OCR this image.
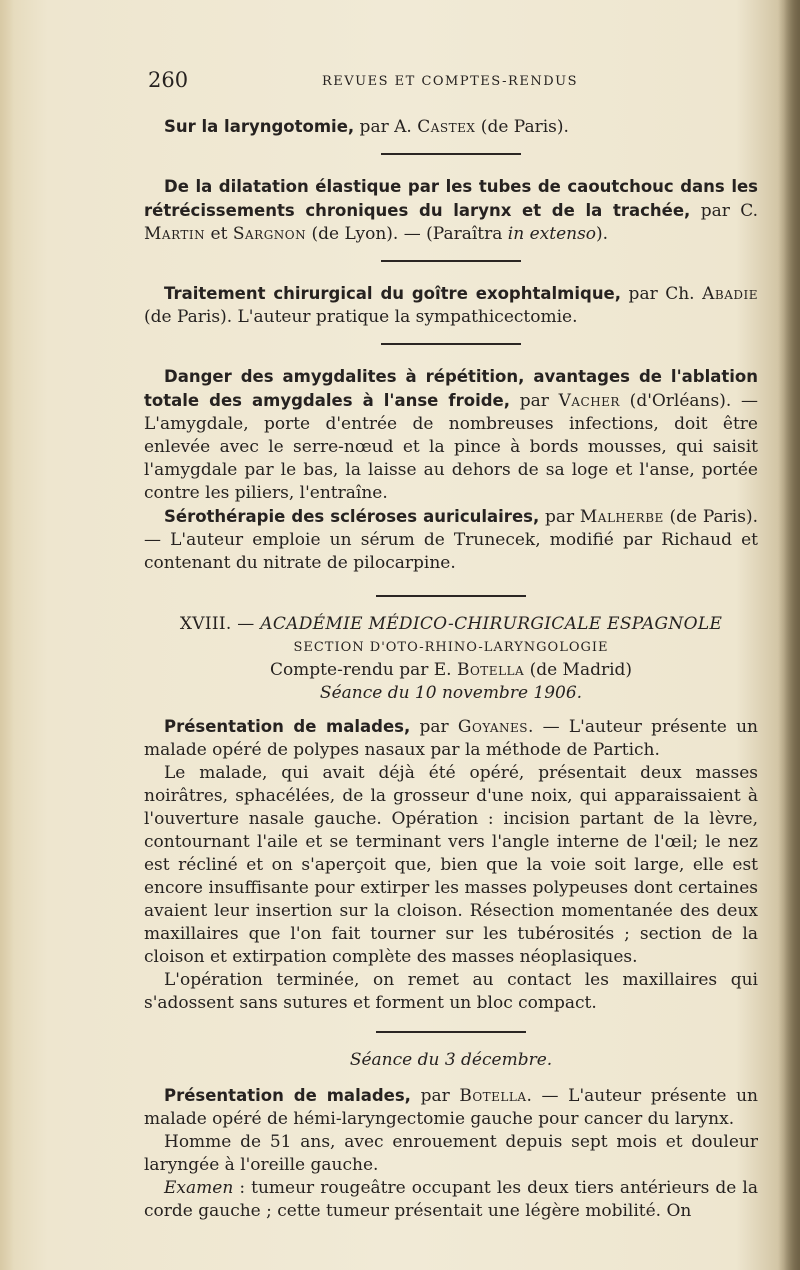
260	REVUES ET COMPTES-RENDUS

Sur la laryngotomie, par A. Castex (de Paris).

De la dilatation élastique par les tubes de caoutchouc dans les rétrécissements chroniques du larynx et de la trachée, par C. Martin et Sargnon (de Lyon). — (Paraîtra in extenso).

Traitement chirurgical du goître exophtalmique, par Ch. Abadie (de Paris). L'auteur pratique la sympathicectomie.

Danger des amygdalites à répétition, avantages de l'ablation totale des amygdales à l'anse froide, par Vacher (d'Orléans). — L'amygdale, porte d'entrée de nombreuses infections, doit être enlevée avec le serre-nœud et la pince à bords mousses, qui saisit l'amygdale par le bas, la laisse au dehors de sa loge et l'anse, portée contre les piliers, l'entraîne.

Sérothérapie des scléroses auriculaires, par Malherbe (de Paris). — L'auteur emploie un sérum de Trunecek, modifié par Richaud et contenant du nitrate de pilocarpine.

XVIII. — ACADÉMIE MÉDICO-CHIRURGICALE ESPAGNOLE
SECTION D'OTO-RHINO-LARYNGOLOGIE
Compte-rendu par E. Botella (de Madrid)
Séance du 10 novembre 1906.

Présentation de malades, par Goyanes. — L'auteur présente un malade opéré de polypes nasaux par la méthode de Partich.

Le malade, qui avait déjà été opéré, présentait deux masses noirâtres, sphacélées, de la grosseur d'une noix, qui apparaissaient à l'ouverture nasale gauche. Opération : incision partant de la lèvre, contournant l'aile et se terminant vers l'angle interne de l'œil; le nez est récliné et on s'aperçoit que, bien que la voie soit large, elle est encore insuffisante pour extirper les masses polypeuses dont certaines avaient leur insertion sur la cloison. Résection momentanée des deux maxillaires que l'on fait tourner sur les tubérosités ; section de la cloison et extirpation complète des masses néoplasiques.

L'opération terminée, on remet au contact les maxillaires qui s'adossent sans sutures et forment un bloc compact.

Séance du 3 décembre.

Présentation de malades, par Botella. — L'auteur présente un malade opéré de hémi-laryngectomie gauche pour cancer du larynx.

Homme de 51 ans, avec enrouement depuis sept mois et douleur laryngée à l'oreille gauche.

Examen : tumeur rougeâtre occupant les deux tiers antérieurs de la corde gauche ; cette tumeur présentait une légère mobilité. On
